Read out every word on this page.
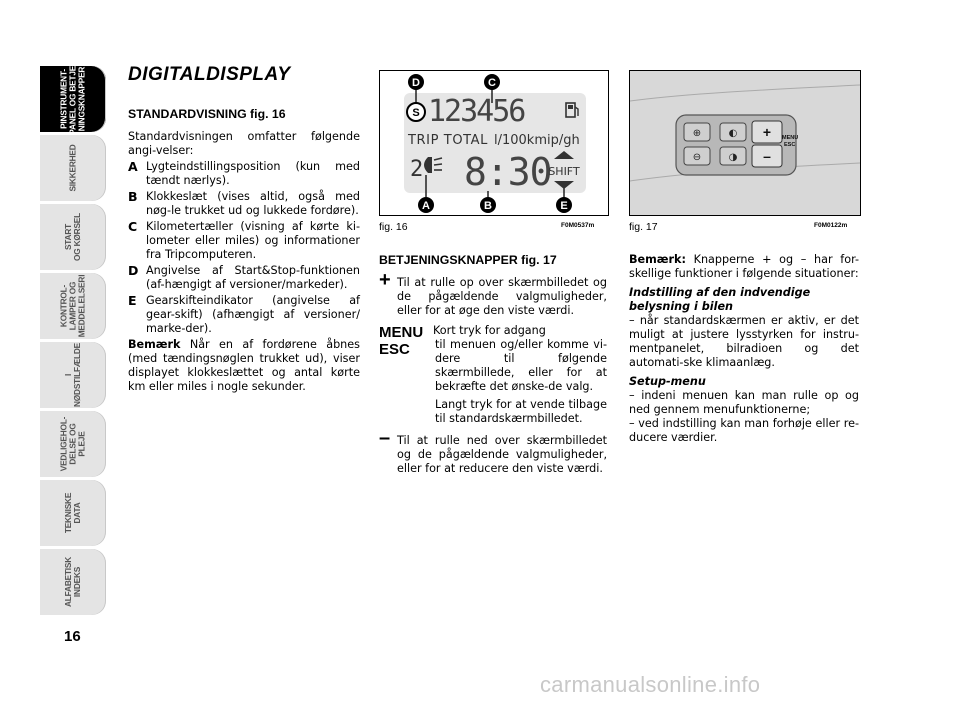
PINSTRUMENT-
PANEL OG BETJE-
NINGSKNAPPER
SIKKERHED
START
OG KØRSEL
KONTROL-
LAMPER OG
MEDDELELSERI
I
NØDSTILFÆLDE
VEDLIGEHOL-
DELSE OG
PLEJE
TEKNISKE
DATA
ALFABETISK
INDEKS
16
DIGITALDISPLAY
STANDARDVISNING fig. 16

Standardvisningen omfatter følgende angi-velser:

A Lygteindstillingsposition (kun med tændt nærlys).

B Klokkeslæt (vises altid, også med nøg-le trukket ud og lukkede fordøre).

C Kilometertæller (visning af kørte ki-lometer eller miles) og informationer fra Tripcomputeren.

D Angivelse af Start&Stop-funktionen (af-hængigt af versioner/markeder).

E Gearskifteindikator (angivelse af gear-skift) (afhængigt af versioner/ marke-der).

Bemærk Når en af fordørene åbnes (med tændingsnøglen trukket ud), viser displayet klokkeslættet og antal kørte km eller miles i nogle sekunder.

S 123456
TRIP TOTAL l/100kmip/gh
2 8:30
SHIFT
D	C
A	B	E
fig. 16	F0M0537m
⊕
⊖
◐
◑
+
–
MENU
ESC
fig. 17	F0M0122m
BETJENINGSKNAPPER fig. 17
+ Til at rulle op over skærmbilledet og de pågældende valgmuligheder, eller for at øge den viste værdi.

MENU
ESC

Kort tryk for adgang

til menuen og/eller komme vi-dere til følgende skærmbillede, eller for at bekræfte det ønske-de valg.

Langt tryk for at vende tilbage til standardskærmbilledet.

– Til at rulle ned over skærmbilledet og de pågældende valgmuligheder, eller for at reducere den viste værdi.

Bemærk: Knapperne + og – har for-skellige funktioner i følgende situationer:

Indstilling af den indvendige belysning i bilen

– når standardskærmen er aktiv, er det muligt at justere lysstyrken for instru-mentpanelet, bilradioen og det automati-ske klimaanlæg.

Setup-menu

– indeni menuen kan man rulle op og ned gennem menufunktionerne;

– ved indstilling kan man forhøje eller re-ducere værdier.

carmanualsonline.info
